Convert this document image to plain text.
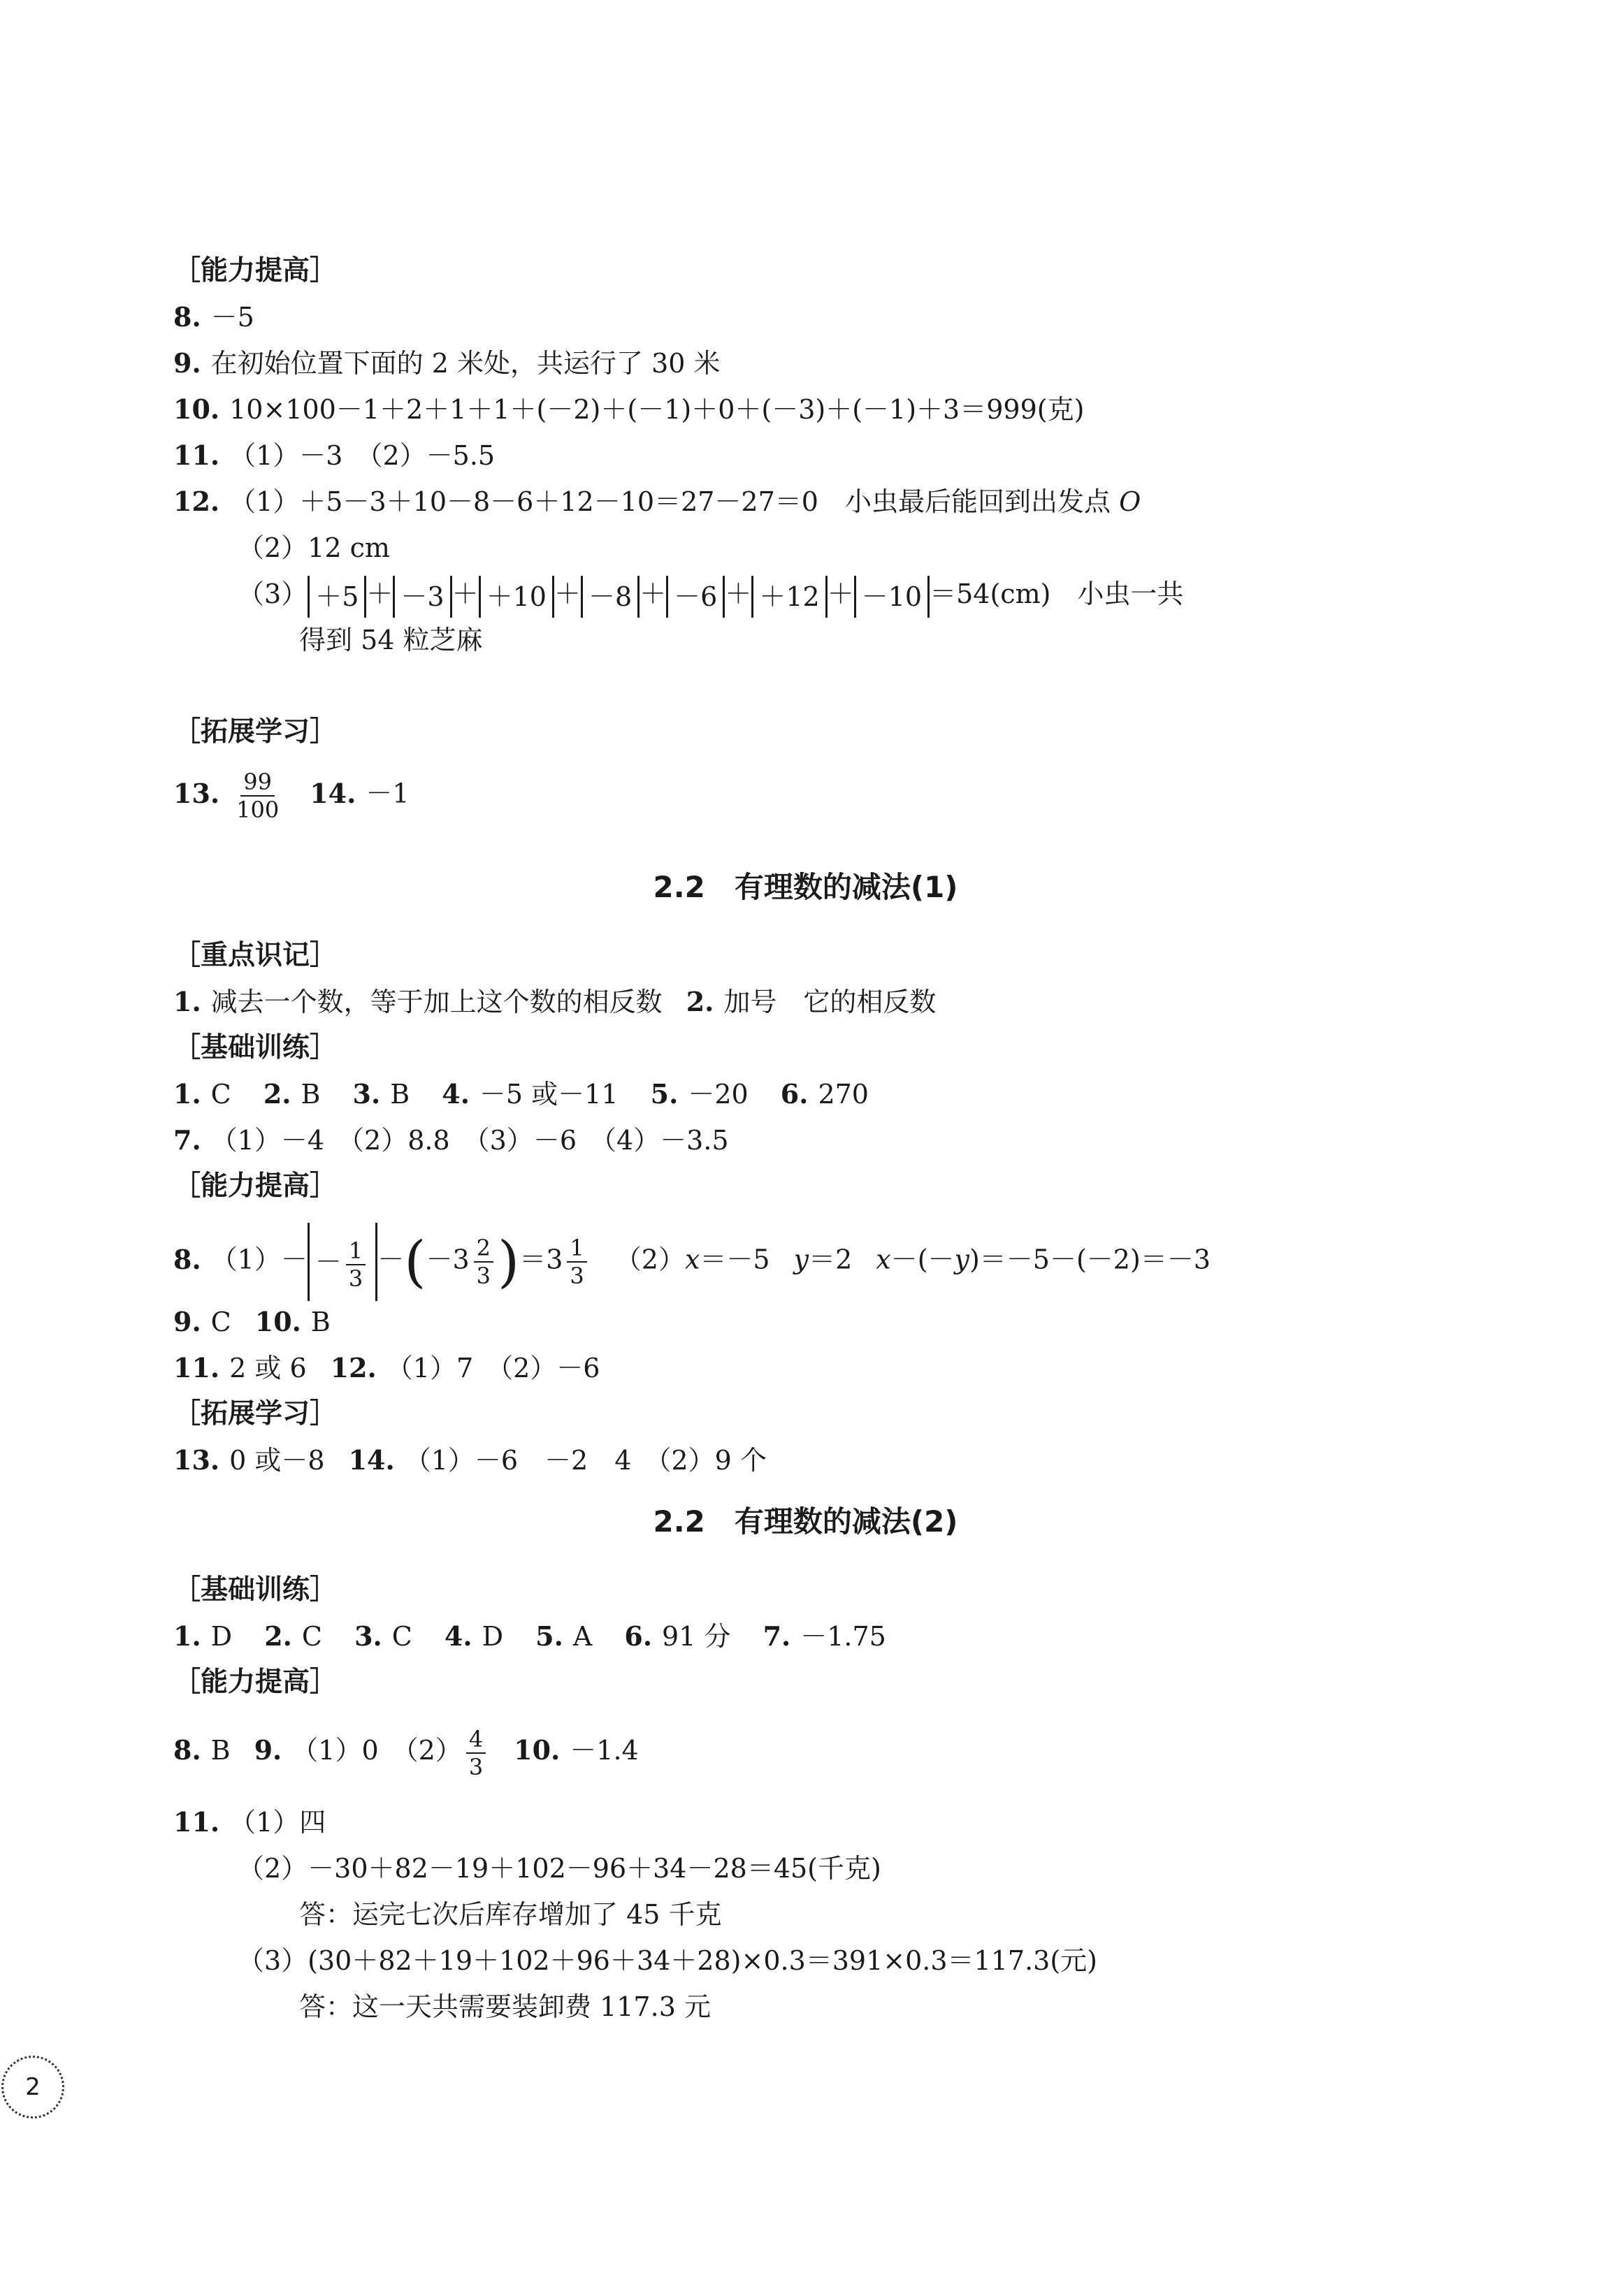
［能力提高］
8. －5
9. 在初始位置下面的 2 米处，共运行了 30 米
10. 10×100－1＋2＋1＋1＋(－2)＋(－1)＋0＋(－3)＋(－1)＋3＝999(克)
11. （1）－3　（2）－5.5
12. （1）＋5－3＋10－8－6＋12－10＝27－27＝0　小虫最后能回到出发点 O
（2）12 cm
（3） ＋5 ＋ －3 ＋ ＋10 ＋ －8 ＋ －6 ＋ ＋12 ＋ －10 ＝54(cm)　小虫一共
得到 54 粒芝麻
［拓展学习］
13. $\frac{99}{100} 14$. －1
2.2　有理数的减法(1)
［重点识记］
1. 减去一个数，等于加上这个数的相反数 2. 加号　它的相反数
［基础训练］
1. C 2. B 3. B 4. －5 或－11 5. －20 6. 270
7. （1）－4　（2）8.8　（3）－6　（4）－3.5
［能力提高］
8. $(1)- - \frac{1}{3} -(-3 \frac{2}{3} )=3 \frac{1}{3} (2)x=-5$ y＝2 x－(－y)＝－5－(－2)＝－3
9. C 10. B
11. 2 或 6 12. （1）7　（2）－6
［拓展学习］
13. 0 或－8 14. （1）－6　－2　4　（2）9 个
2.2　有理数的减法(2)
［基础训练］
1. D 2. C 3. C 4. D 5. A 6. 91 分 7. －1.75
［能力提高］
8. B 9. （1）0　$(2) \frac{4}{3} 10$. －1.4
11. （1）四
（2）－30＋82－19＋102－96＋34－28＝45(千克)
答：运完七次后库存增加了 45 千克
（3）(30＋82＋19＋102＋96＋34＋28)×0.3＝391×0.3＝117.3(元)
答：这一天共需要装卸费 117.3 元
2
